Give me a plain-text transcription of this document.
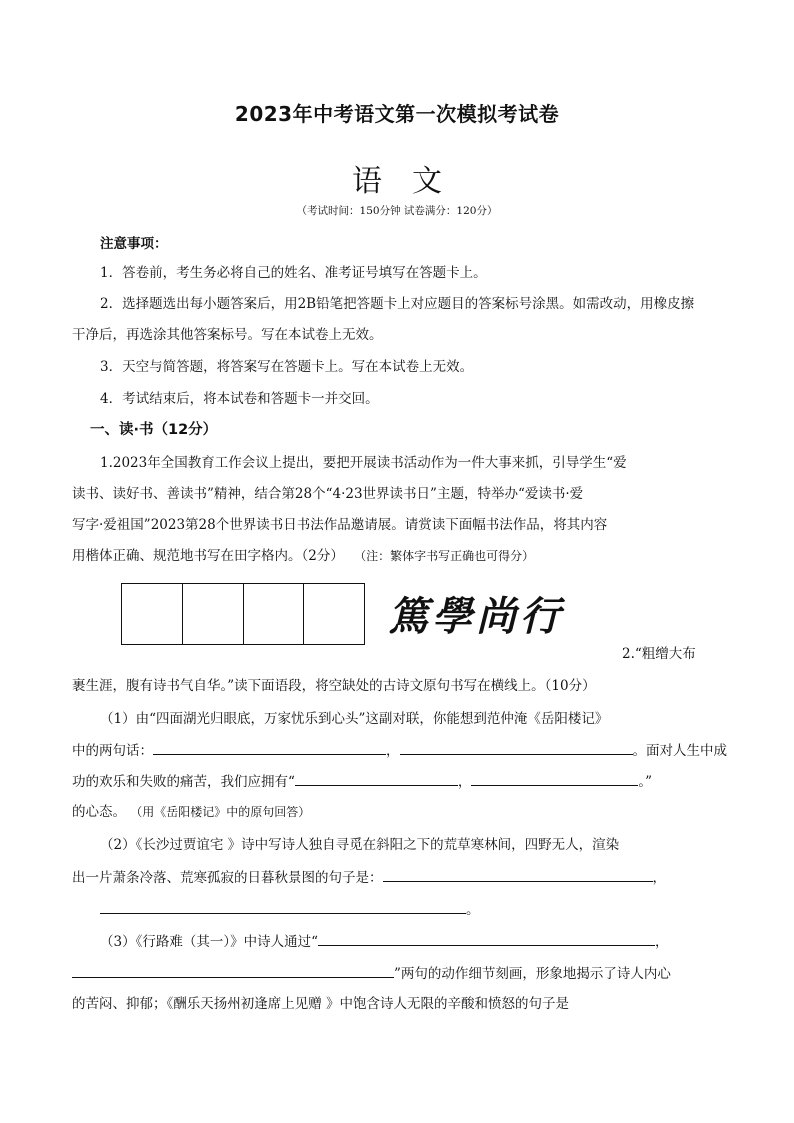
2023年中考语文第一次模拟考试卷
语文
（考试时间：150分钟 试卷满分：120分）
注意事项：
1．答卷前，考生务必将自己的姓名、准考证号填写在答题卡上。
2．选择题选出每小题答案后，用2B铅笔把答题卡上对应题目的答案标号涂黑。如需改动，用橡皮擦
干净后，再选涂其他答案标号。写在本试卷上无效。
3．天空与简答题，将答案写在答题卡上。写在本试卷上无效。
4．考试结束后，将本试卷和答题卡一并交回。
一、读·书（12分）
1.2023年全国教育工作会议上提出，要把开展读书活动作为一件大事来抓，引导学生“爱
读书、读好书、善读书”精神，结合第28个“4·23世界读书日”主题，特举办“爱读书·爱
写字·爱祖国”2023第28个世界读书日书法作品邀请展。请赏读下面幅书法作品，将其内容
用楷体正确、规范地书写在田字格内。（2分） （注：繁体字书写正确也可得分）
篤學尚行
2.“粗缯大布
裹生涯，腹有诗书气自华。”读下面语段，将空缺处的古诗文原句书写在横线上。（10分）
（1）由“四面湖光归眼底，万家忧乐到心头”这副对联，你能想到范仲淹《岳阳楼记》
中的两句话：	，	。面对人生中成
功的欢乐和失败的痛苦，我们应拥有“	，	。”
的心态。 （用《岳阳楼记》中的原句回答）
（2）《长沙过贾谊宅 》诗中写诗人独自寻觅在斜阳之下的荒草寒林间，四野无人，渲染
出一片萧条冷落、荒寒孤寂的日暮秋景图的句子是：	，
。
（3）《行路难（其一）》中诗人通过“	，
”两句的动作细节刻画，形象地揭示了诗人内心
的苦闷、抑郁；《酬乐天扬州初逢席上见赠 》中饱含诗人无限的辛酸和愤怒的句子是
